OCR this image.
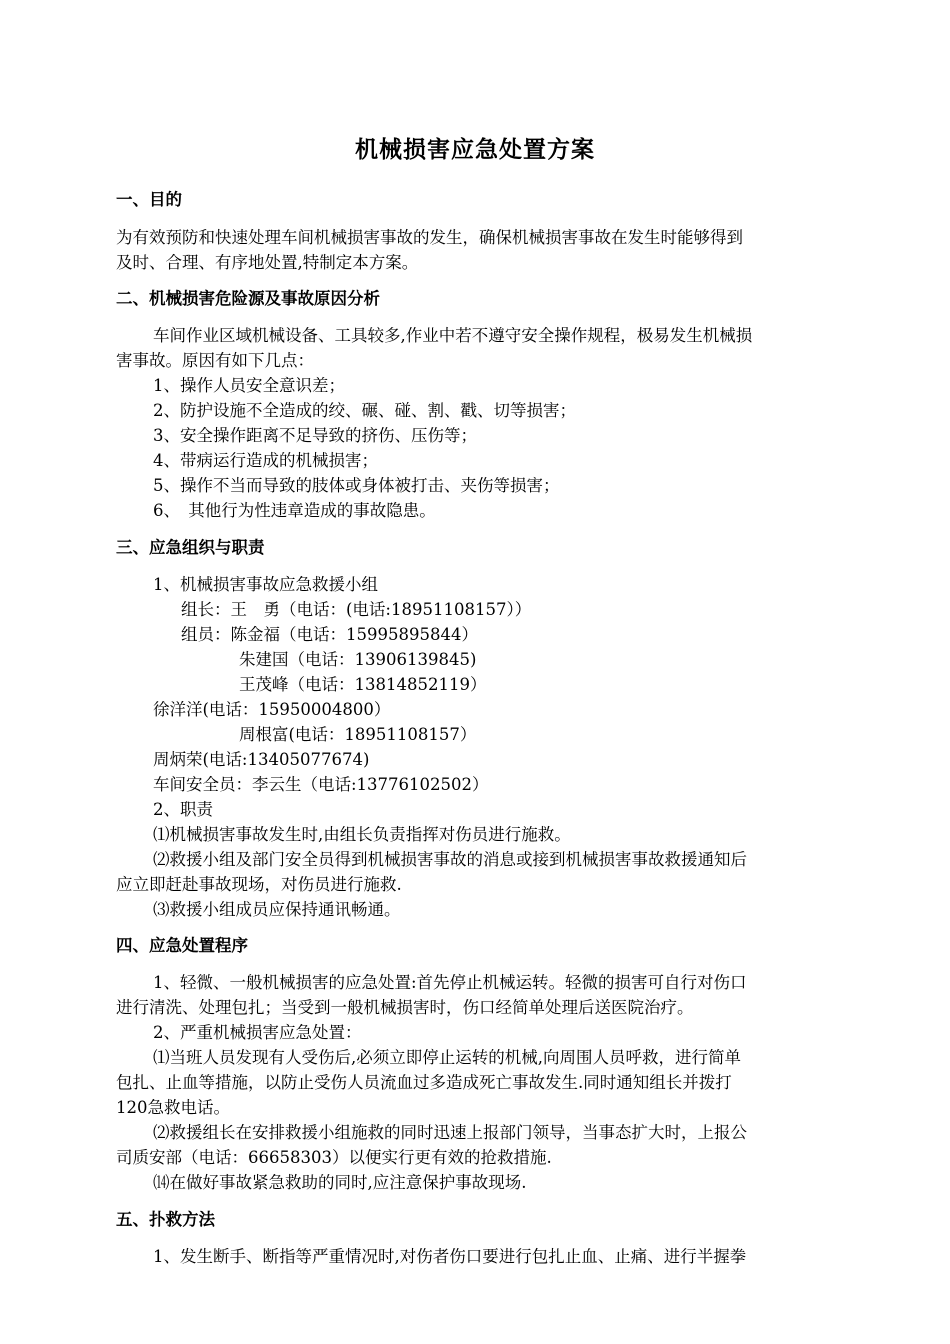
机械损害应急处置方案
一、目的
为有效预防和快速处理车间机械损害事故的发生，确保机械损害事故在发生时能够得到
及时、合理、有序地处置,特制定本方案。
二、机械损害危险源及事故原因分析
车间作业区域机械设备、工具较多,作业中若不遵守安全操作规程，极易发生机械损
害事故。原因有如下几点：
1、操作人员安全意识差；
2、防护设施不全造成的绞、碾、碰、割、戳、切等损害；
3、安全操作距离不足导致的挤伤、压伤等；
4、带病运行造成的机械损害；
5、操作不当而导致的肢体或身体被打击、夹伤等损害；
6、　其他行为性违章造成的事故隐患。
三、应急组织与职责
1、机械损害事故应急救援小组
组长：王　勇（电话：(电话:18951108157））
组员：陈金福（电话：15995895844）
朱建国（电话：13906139845)
王茂峰（电话：13814852119）
徐洋洋(电话：15950004800）
周根富(电话：18951108157）
周炳荣(电话:13405077674)
车间安全员：李云生（电话:13776102502）
2、职责
⑴机械损害事故发生时,由组长负责指挥对伤员进行施救。
⑵救援小组及部门安全员得到机械损害事故的消息或接到机械损害事故救援通知后
应立即赶赴事故现场，对伤员进行施救.
⑶救援小组成员应保持通讯畅通。
四、应急处置程序
1、轻微、一般机械损害的应急处置:首先停止机械运转。轻微的损害可自行对伤口
进行清洗、处理包扎；当受到一般机械损害时，伤口经简单处理后送医院治疗。
2、严重机械损害应急处置：
⑴当班人员发现有人受伤后,必须立即停止运转的机械,向周围人员呼救，进行简单
包扎、止血等措施，以防止受伤人员流血过多造成死亡事故发生.同时通知组长并拨打
120急救电话。
⑵救援组长在安排救援小组施救的同时迅速上报部门领导，当事态扩大时，上报公
司质安部（电话：66658303）以便实行更有效的抢救措施.
⒁在做好事故紧急救助的同时,应注意保护事故现场.
五、扑救方法
1、发生断手、断指等严重情况时,对伤者伤口要进行包扎止血、止痛、进行半握拳
